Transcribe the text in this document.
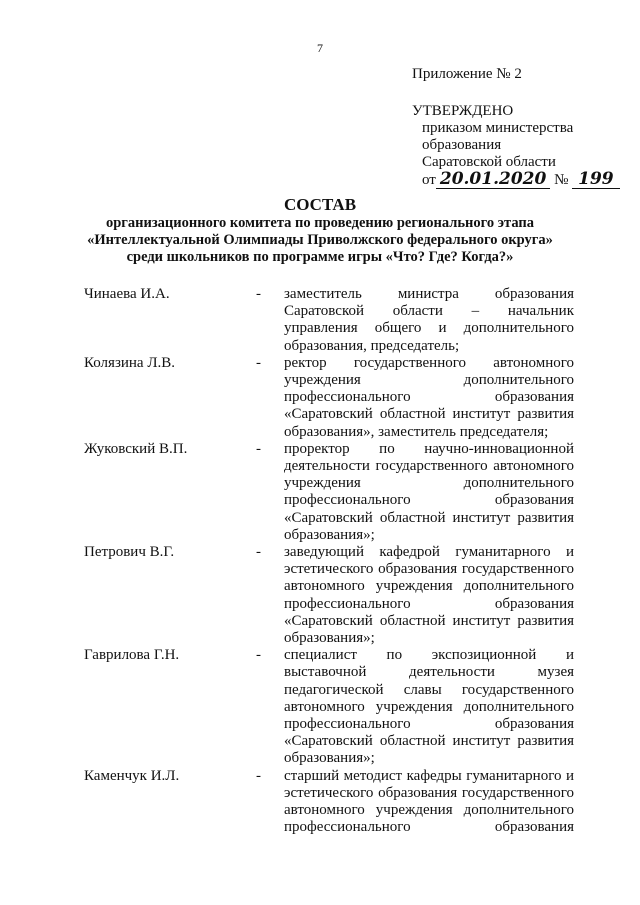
7
Приложение № 2
УТВЕРЖДЕНО
приказом министерства
образования
Саратовской области
от 20.01.2020 № 199
СОСТАВ
организационного комитета по проведению регионального этапа
«Интеллектуальной Олимпиады Приволжского федерального округа»
среди школьников по программе игры «Что? Где? Когда?»
Чинаева И.А.	- заместитель министра образования Саратовской области – начальник управления общего и дополнительного образования, председатель;
Колязина Л.В.	- ректор государственного автономного учреждения дополнительного профессионального образования «Саратовский областной институт развития образования», заместитель председателя;
Жуковский В.П.	- проректор по научно-инновационной деятельности государственного автономного учреждения дополнительного профессионального образования «Саратовский областной институт развития образования»;
Петрович В.Г.	- заведующий кафедрой гуманитарного и эстетического образования государственного автономного учреждения дополнительного профессионального образования «Саратовский областной институт развития образования»;
Гаврилова Г.Н.	- специалист по экспозиционной и выставочной деятельности музея педагогической славы государственного автономного учреждения дополнительного профессионального образования «Саратовский областной институт развития образования»;
Каменчук И.Л.	- старший методист кафедры гуманитарного и эстетического образования государственного автономного учреждения дополнительного профессионального образования
